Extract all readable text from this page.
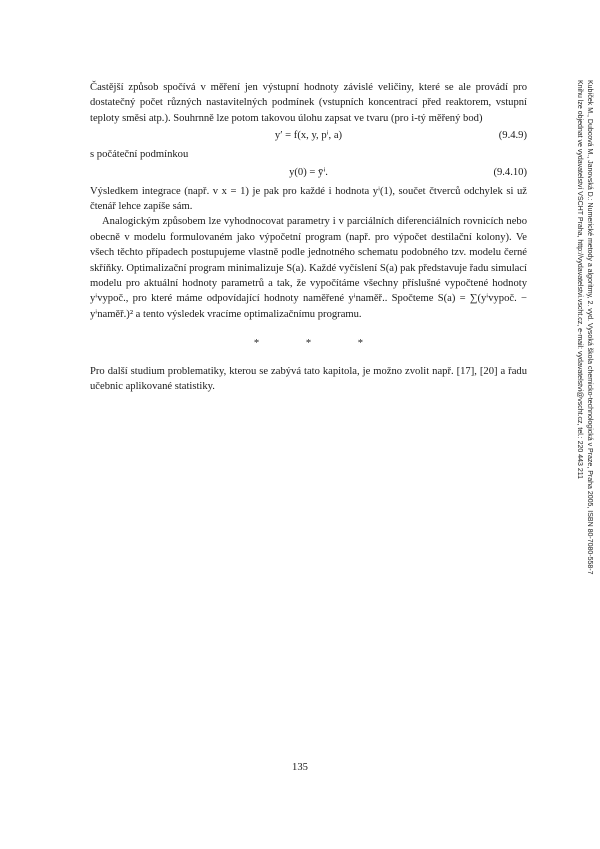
Častější způsob spočívá v měření jen výstupní hodnoty závislé veličiny, které se ale provádí pro dostatečný počet různých nastavitelných podmínek (vstupních koncentrací před reaktorem, vstupní teploty směsi atp.). Souhrnně lze potom takovou úlohu zapsat ve tvaru (pro i-tý měřený bod)

y′ = f(x, y, pⁱ, a)	(9.4.9)

s počáteční podmínkou

y(0) = ȳⁱ.	(9.4.10)

Výsledkem integrace (např. v x = 1) je pak pro každé i hodnota yⁱ(1), součet čtverců odchylek si už čtenář lehce zapíše sám.

Analogickým způsobem lze vyhodnocovat parametry i v parciálních diferenciálních rovnicích nebo obecně v modelu formulovaném jako výpočetní program (např. pro výpočet destilační kolony). Ve všech těchto případech postupujeme vlastně podle jednotného schematu podobného tzv. modelu černé skříňky. Optimalizační program minimalizuje S(a). Každé vyčíslení S(a) pak představuje řadu simulací modelu pro aktuální hodnoty parametrů a tak, že vypočítáme všechny příslušné vypočtené hodnoty yⁱvypoč., pro které máme odpovídající hodnoty naměřené yⁱnaměř.. Spočteme S(a) = ∑(yⁱvypoč. − yⁱnaměř.)² a tento výsledek vracíme optimalizačnímu programu.

* * *

Pro další studium problematiky, kterou se zabývá tato kapitola, je možno zvolit např. [17], [20] a řadu učebnic aplikované statistiky.	Kubíček M., Dubcová M., Janovská D.: Numerické metody a algoritmy, 2. vyd. Vysoká škola chemicko-technologická v Praze, Praha 2005, ISBN 80-7080-558-7
Knihu lze objednat ve vydavatelství VŠCHT Praha, http://vydavatelstvi.vscht.cz, e-mail: vydavatelstvi@vscht.cz, tel.: 220 443 211
135
